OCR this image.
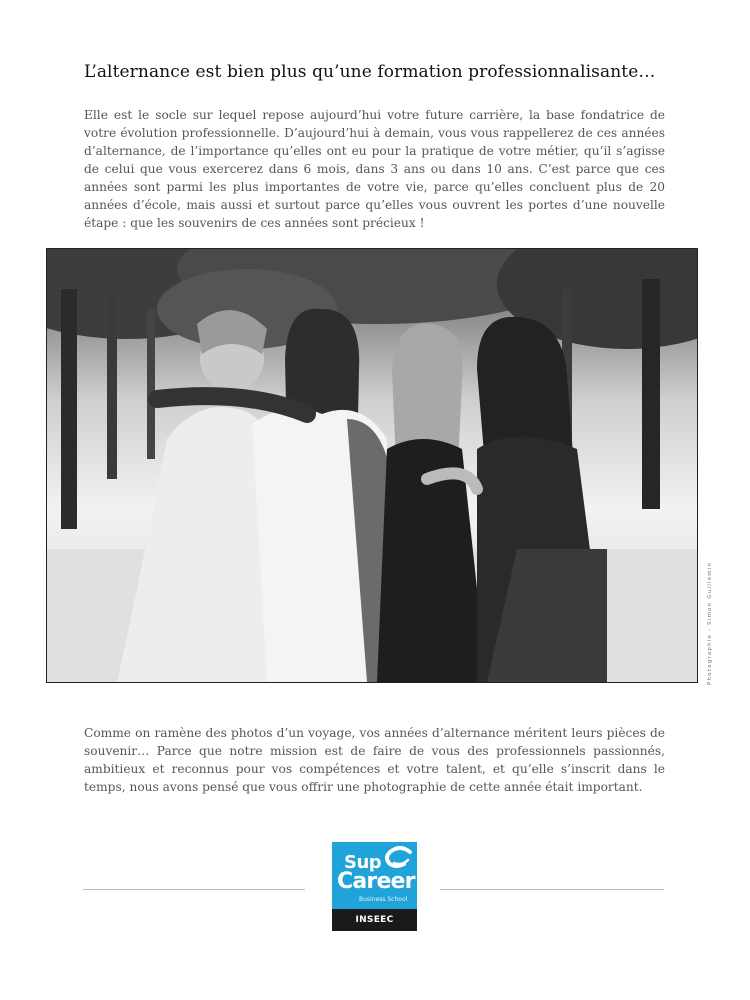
L’alternance est bien plus qu’une formation professionnalisante…

Elle est le socle sur lequel repose aujourd’hui votre future carrière, la base fondatrice de votre évolution professionnelle. D’aujourd’hui à demain, vous vous rappellerez de ces années d’alternance, de l’importance qu’elles ont eu pour la pratique de votre métier, qu’il s’agisse de celui que vous exercerez dans 6 mois, dans 3 ans ou dans 10 ans. C’est parce que ces années sont parmi les plus importantes de votre vie, parce qu’elles concluent plus de 20 années d’école, mais aussi et surtout parce qu’elles vous ouvrent les portes d’une nouvelle étape : que les souvenirs de ces années sont précieux !

Photographie - Simon Guillemin

Comme on ramène des photos d’un voyage, vos années d’alternance méritent leurs pièces de souvenir… Parce que notre mission est de faire de vous des professionnels passionnés, ambitieux et reconnus pour vos compétences et votre talent, et qu’elle s’inscrit dans le temps, nous avons pensé que vous offrir une photographie de cette année était important.

Sup
Career
Business School
INSEEC
